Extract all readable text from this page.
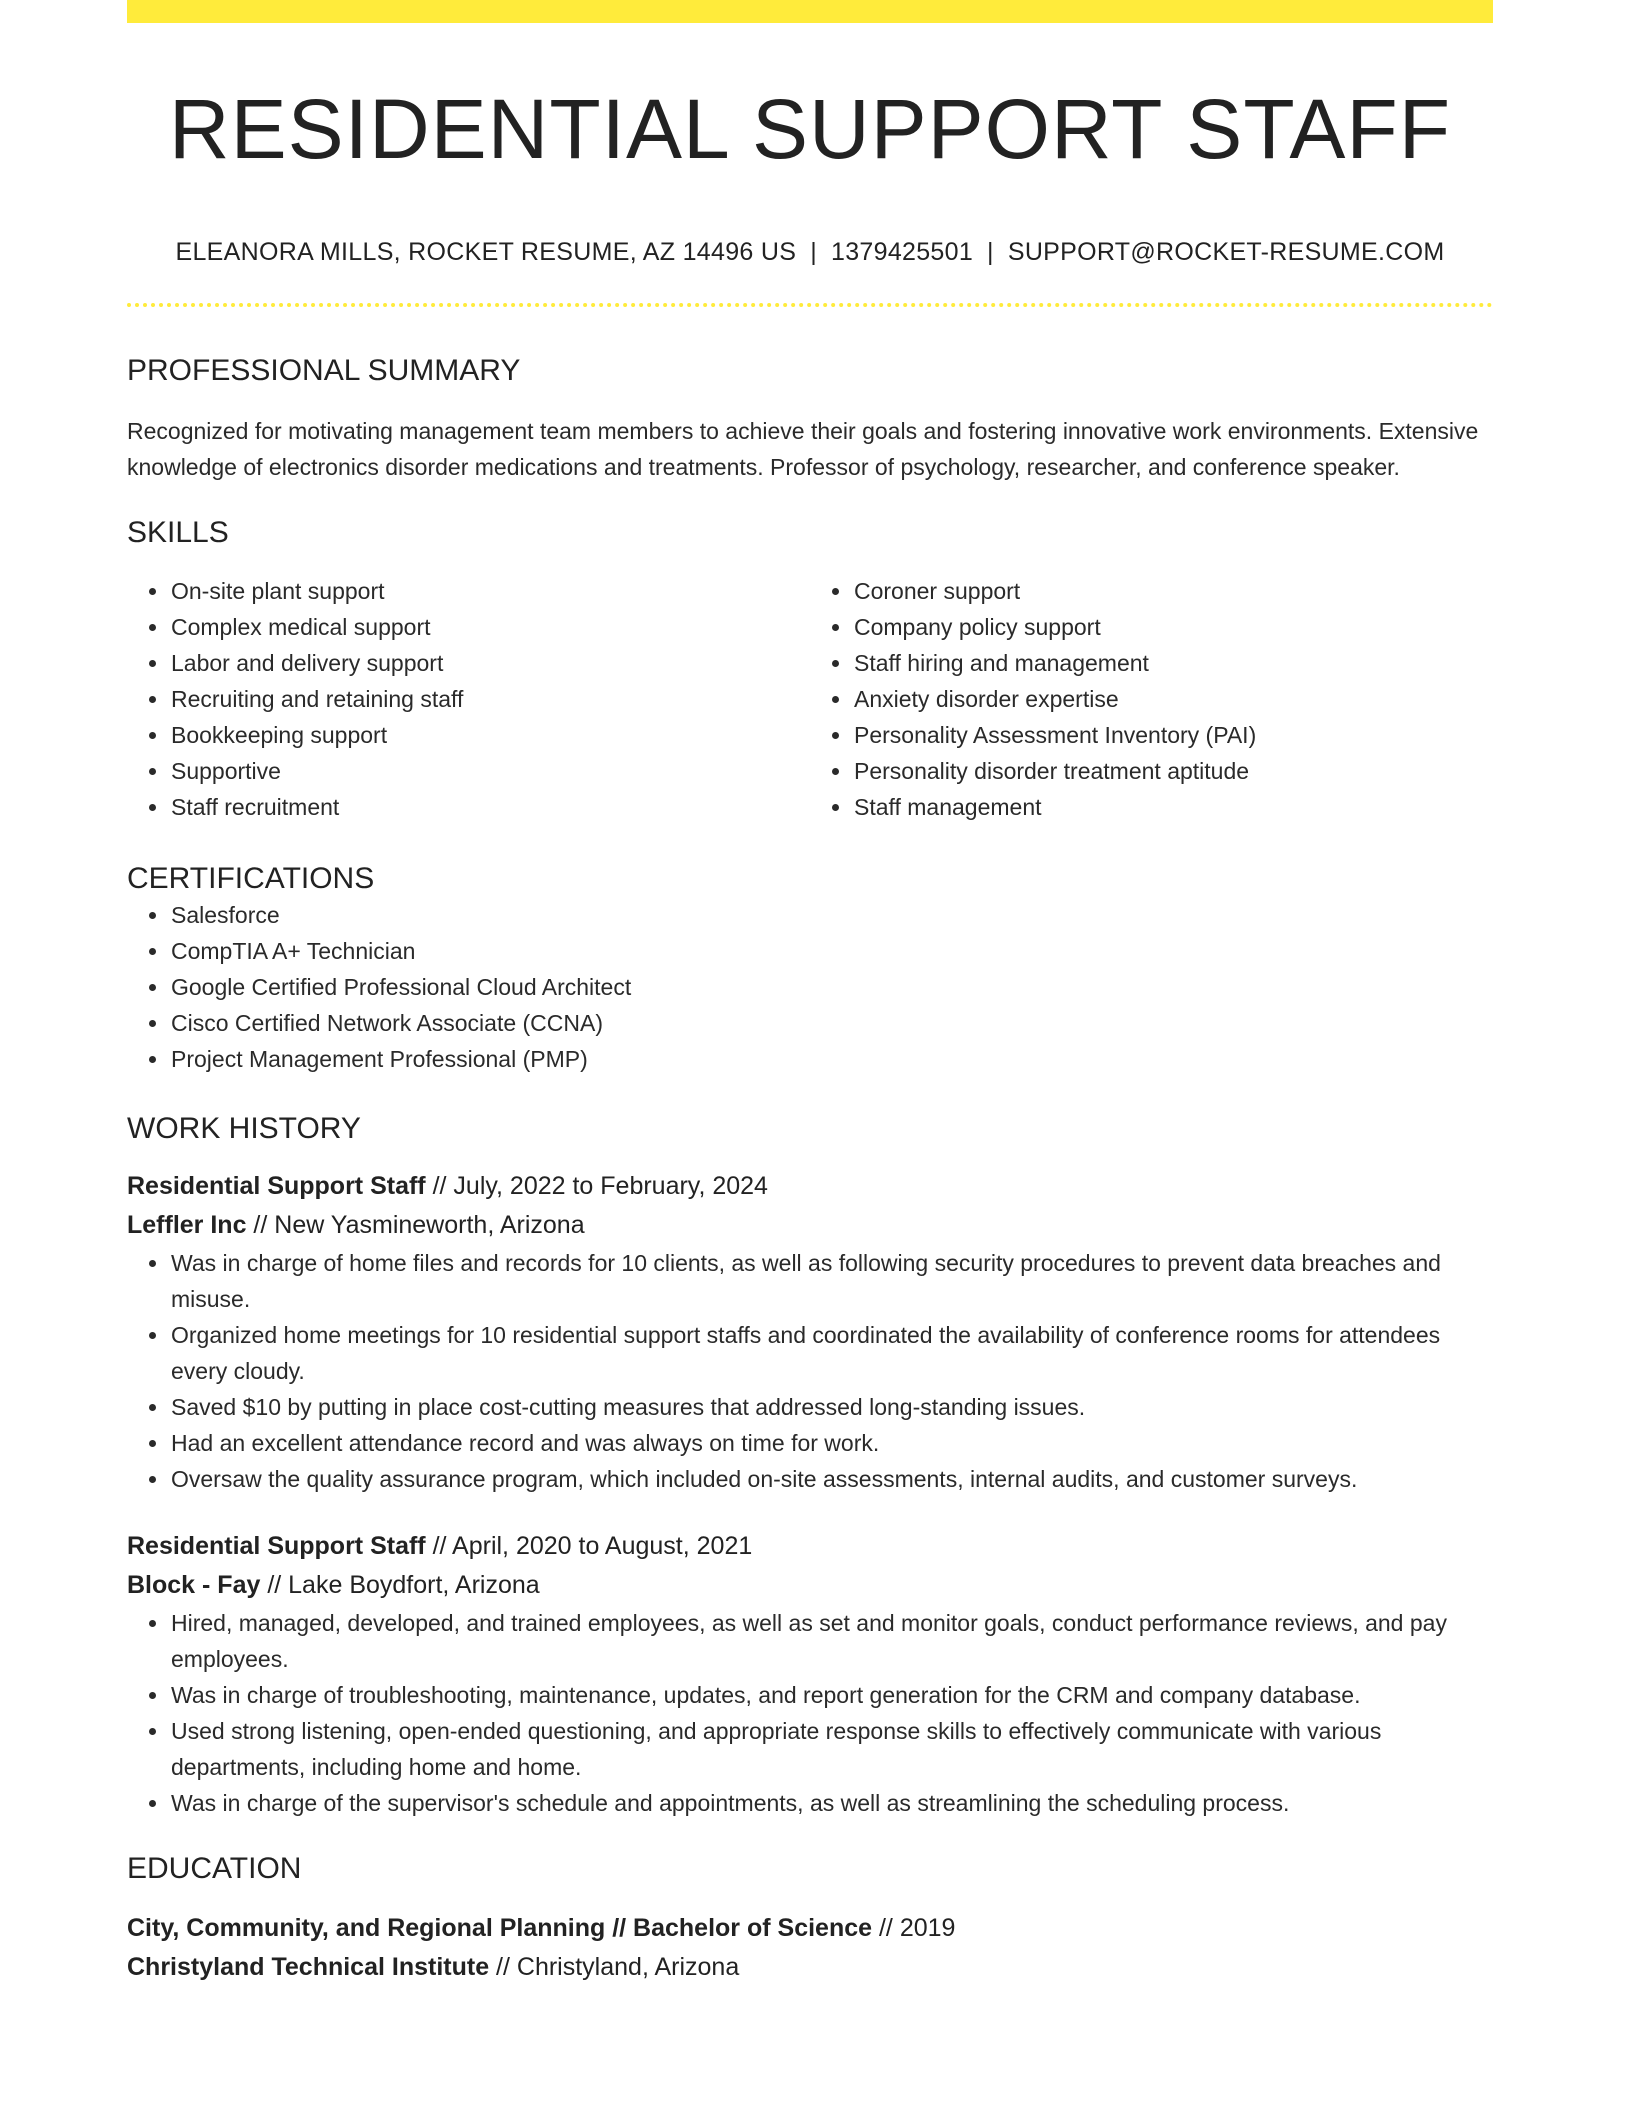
RESIDENTIAL SUPPORT STAFF
ELEANORA MILLS, ROCKET RESUME, AZ 14496 US | 1379425501 | SUPPORT@ROCKET-RESUME.COM
PROFESSIONAL SUMMARY
Recognized for motivating management team members to achieve their goals and fostering innovative work environments. Extensive knowledge of electronics disorder medications and treatments. Professor of psychology, researcher, and conference speaker.
SKILLS
• On-site plant support
• Complex medical support
• Labor and delivery support
• Recruiting and retaining staff
• Bookkeeping support
• Supportive
• Staff recruitment
• Coroner support
• Company policy support
• Staff hiring and management
• Anxiety disorder expertise
• Personality Assessment Inventory (PAI)
• Personality disorder treatment aptitude
• Staff management
CERTIFICATIONS
• Salesforce
• CompTIA A+ Technician
• Google Certified Professional Cloud Architect
• Cisco Certified Network Associate (CCNA)
• Project Management Professional (PMP)
WORK HISTORY
Residential Support Staff // July, 2022 to February, 2024
Leffler Inc // New Yasmineworth, Arizona
• Was in charge of home files and records for 10 clients, as well as following security procedures to prevent data breaches and misuse.
• Organized home meetings for 10 residential support staffs and coordinated the availability of conference rooms for attendees every cloudy.
• Saved $10 by putting in place cost-cutting measures that addressed long-standing issues.
• Had an excellent attendance record and was always on time for work.
• Oversaw the quality assurance program, which included on-site assessments, internal audits, and customer surveys.
Residential Support Staff // April, 2020 to August, 2021
Block - Fay // Lake Boydfort, Arizona
• Hired, managed, developed, and trained employees, as well as set and monitor goals, conduct performance reviews, and pay employees.
• Was in charge of troubleshooting, maintenance, updates, and report generation for the CRM and company database.
• Used strong listening, open-ended questioning, and appropriate response skills to effectively communicate with various departments, including home and home.
• Was in charge of the supervisor's schedule and appointments, as well as streamlining the scheduling process.
EDUCATION
City, Community, and Regional Planning // Bachelor of Science // 2019
Christyland Technical Institute // Christyland, Arizona
